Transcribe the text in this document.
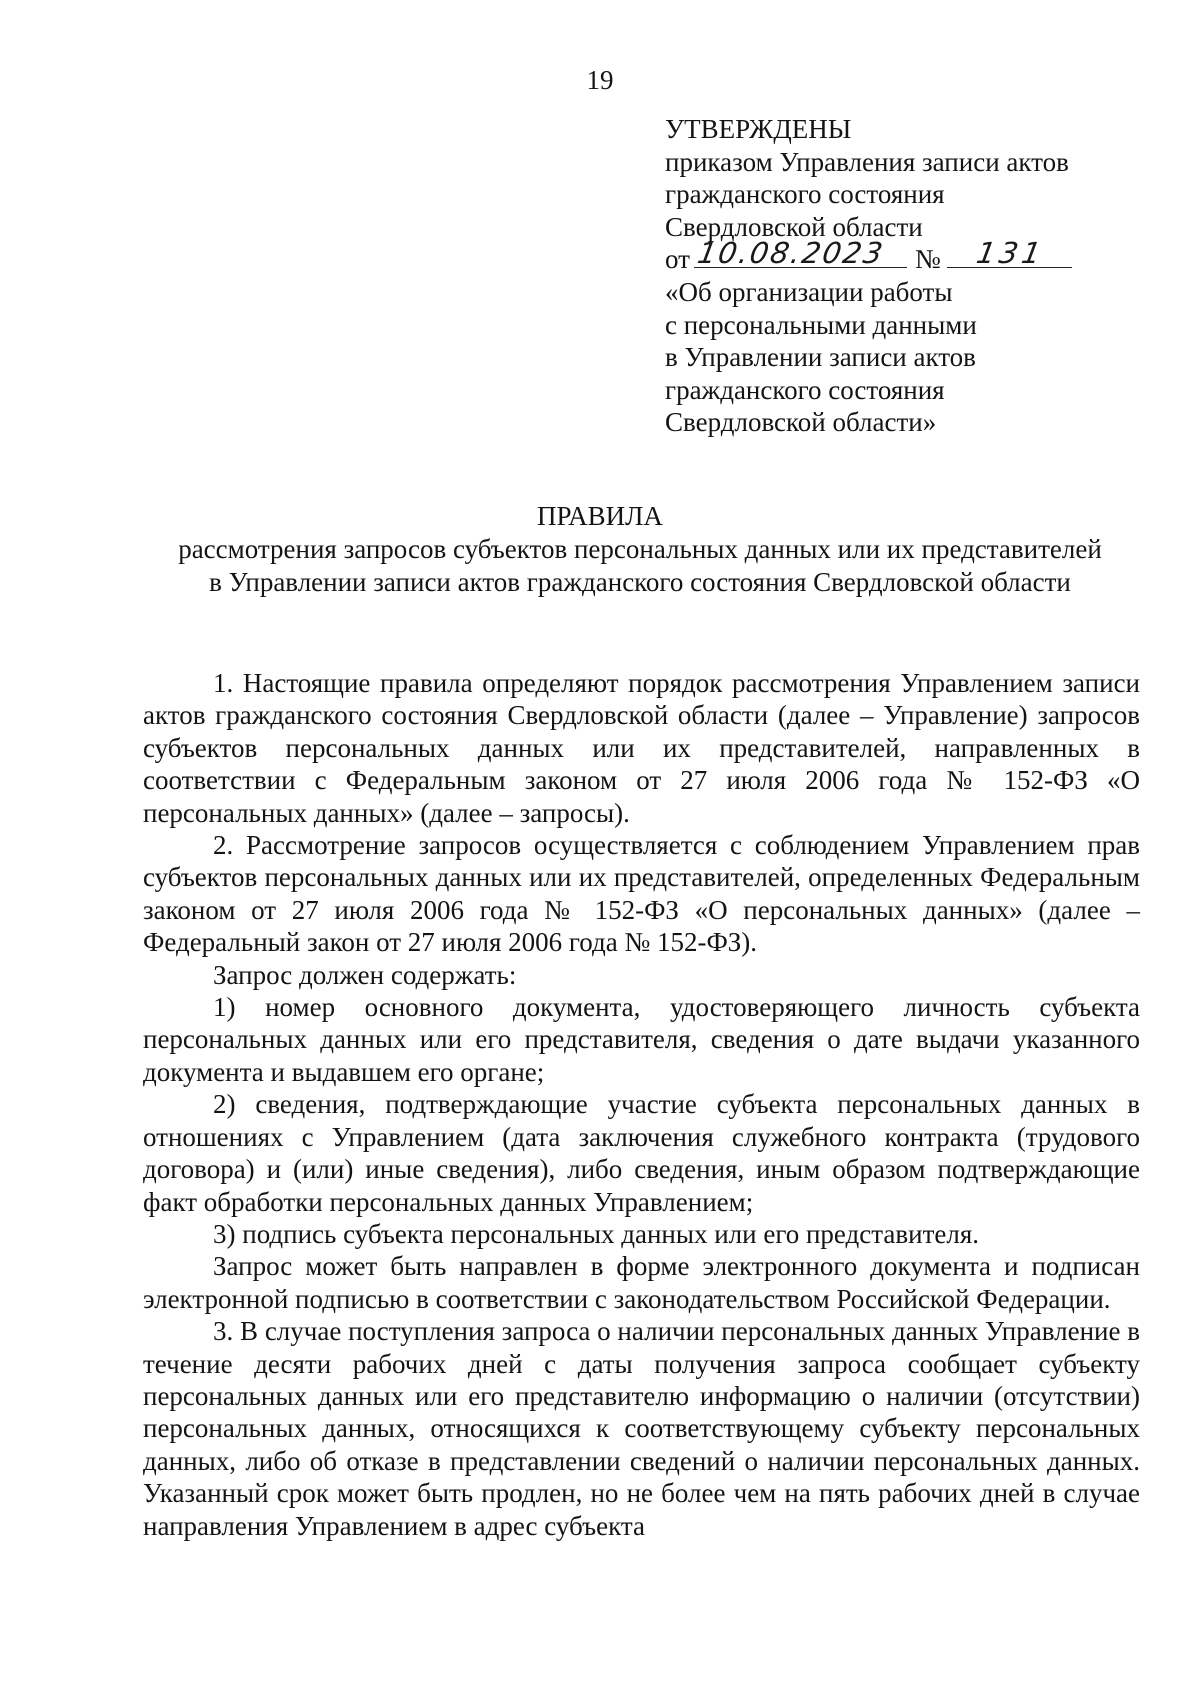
19
УТВЕРЖДЕНЫ
приказом Управления записи актов
гражданского состояния
Свердловской области
от 10.08.2023 № 131
«Об организации работы
с персональными данными
в Управлении записи актов
гражданского состояния
Свердловской области»
ПРАВИЛА
рассмотрения запросов субъектов персональных данных или их представителей
в Управлении записи актов гражданского состояния Свердловской области

1. Настоящие правила определяют порядок рассмотрения Управлением записи актов гражданского состояния Свердловской области (далее – Управление) запросов субъектов персональных данных или их представителей, направленных в соответствии с Федеральным законом от 27 июля 2006 года № 152-ФЗ «О персональных данных» (далее – запросы).

2. Рассмотрение запросов осуществляется с соблюдением Управлением прав субъектов персональных данных или их представителей, определенных Федеральным законом от 27 июля 2006 года № 152-ФЗ «О персональных данных» (далее – Федеральный закон от 27 июля 2006 года № 152-ФЗ).

Запрос должен содержать:

1) номер основного документа, удостоверяющего личность субъекта персональных данных или его представителя, сведения о дате выдачи указанного документа и выдавшем его органе;

2) сведения, подтверждающие участие субъекта персональных данных в отношениях с Управлением (дата заключения служебного контракта (трудового договора) и (или) иные сведения), либо сведения, иным образом подтверждающие факт обработки персональных данных Управлением;

3) подпись субъекта персональных данных или его представителя.

Запрос может быть направлен в форме электронного документа и подписан электронной подписью в соответствии с законодательством Российской Федерации.

3. В случае поступления запроса о наличии персональных данных Управление в течение десяти рабочих дней с даты получения запроса сообщает субъекту персональных данных или его представителю информацию о наличии (отсутствии) персональных данных, относящихся к соответствующему субъекту персональных данных, либо об отказе в представлении сведений о наличии персональных данных. Указанный срок может быть продлен, но не более чем на пять рабочих дней в случае направления Управлением в адрес субъекта
